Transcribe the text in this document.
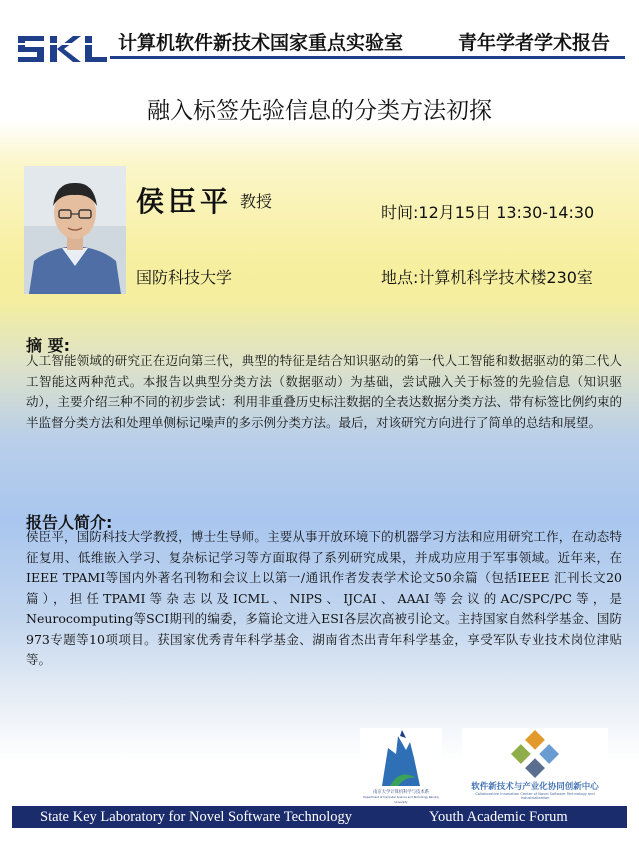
计算机软件新技术国家重点实验室	青年学者学术报告
融入标签先验信息的分类方法初探
侯臣平 教授
国防科技大学
时间:12月15日 13:30-14:30
地点:计算机科学技术楼230室
摘 要:
人工智能领域的研究正在迈向第三代，典型的特征是结合知识驱动的第一代人工智能和数据驱动的第二代人工智能这两种范式。本报告以典型分类方法（数据驱动）为基础，尝试融入关于标签的先验信息（知识驱动），主要介绍三种不同的初步尝试：利用非重叠历史标注数据的全表达数据分类方法、带有标签比例约束的半监督分类方法和处理单侧标记噪声的多示例分类方法。最后，对该研究方向进行了简单的总结和展望。
报告人简介:
侯臣平，国防科技大学教授，博士生导师。主要从事开放环境下的机器学习方法和应用研究工作，在动态特征复用、低维嵌入学习、复杂标记学习等方面取得了系列研究成果，并成功应用于军事领域。近年来，在IEEE TPAMI等国内外著名刊物和会议上以第一/通讯作者发表学术论文50余篇（包括IEEE 汇刊长文20篇），担任TPAMI等杂志以及ICML、NIPS、IJCAI、AAAI等会议的AC/SPC/PC等，是Neurocomputing等SCI期刊的编委，多篇论文进入ESI各层次高被引论文。主持国家自然科学基金、国防973专题等10项项目。获国家优秀青年科学基金、湖南省杰出青年科学基金，享受军队专业技术岗位津贴等。
南京大学计算机科学与技术系
Department of Computer Science and Technology Nanjing University
软件新技术与产业化协同创新中心
Collaborative Innovation Center of Novel Software Technology and Industrialization
State Key Laboratory for Novel Software Technology	Youth Academic Forum
